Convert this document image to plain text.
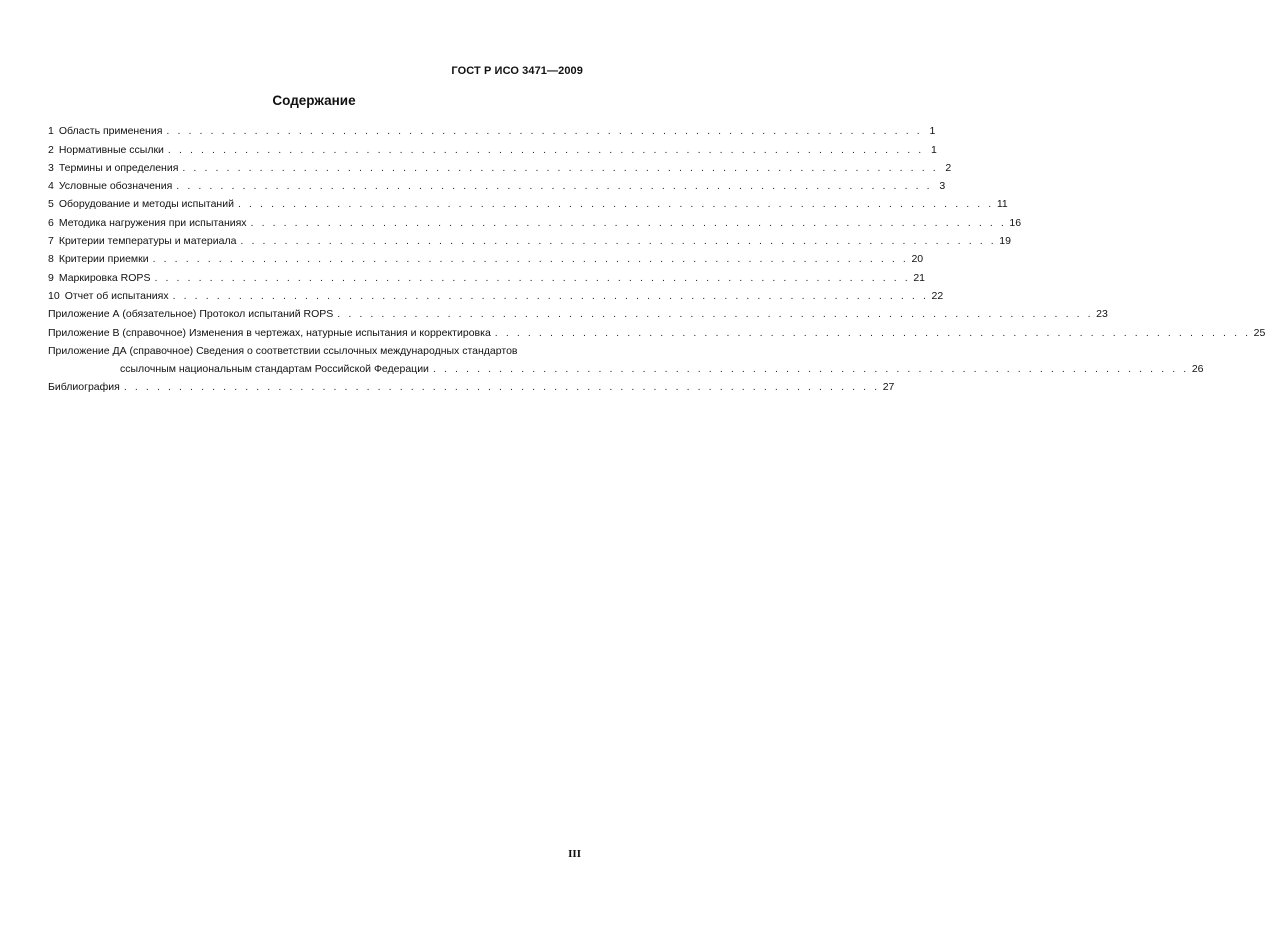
ГОСТ Р ИСО 3471—2009
Содержание
1 Область применения . . . . . . . . . . . . . . . . . . . . . . . . . . . . . . . . . . . . . . . . . . . . . . . . . . . . . . . . . . . . . . . . . . . . . 1
2 Нормативные ссылки . . . . . . . . . . . . . . . . . . . . . . . . . . . . . . . . . . . . . . . . . . . . . . . . . . . . . . . . . . . . . . . . . . . . . 1
3 Термины и определения . . . . . . . . . . . . . . . . . . . . . . . . . . . . . . . . . . . . . . . . . . . . . . . . . . . . . . . . . . . . . . . . . . . . . 2
4 Условные обозначения . . . . . . . . . . . . . . . . . . . . . . . . . . . . . . . . . . . . . . . . . . . . . . . . . . . . . . . . . . . . . . . . . . . . . 3
5 Оборудование и методы испытаний . . . . . . . . . . . . . . . . . . . . . . . . . . . . . . . . . . . . . . . . . . . . . . . . . . . . . . . . . . . . . . . . . . . . . 11
6 Методика нагружения при испытаниях . . . . . . . . . . . . . . . . . . . . . . . . . . . . . . . . . . . . . . . . . . . . . . . . . . . . . . . . . . . . . . . . . . . . . 16
7 Критерии температуры и материала . . . . . . . . . . . . . . . . . . . . . . . . . . . . . . . . . . . . . . . . . . . . . . . . . . . . . . . . . . . . . . . . . . . . . 19
8 Критерии приемки . . . . . . . . . . . . . . . . . . . . . . . . . . . . . . . . . . . . . . . . . . . . . . . . . . . . . . . . . . . . . . . . . . . . . 20
9 Маркировка ROPS . . . . . . . . . . . . . . . . . . . . . . . . . . . . . . . . . . . . . . . . . . . . . . . . . . . . . . . . . . . . . . . . . . . . . 21
10 Отчет об испытаниях . . . . . . . . . . . . . . . . . . . . . . . . . . . . . . . . . . . . . . . . . . . . . . . . . . . . . . . . . . . . . . . . . . . . . 22
Приложение А (обязательное) Протокол испытаний ROPS . . . . . . . . . . . . . . . . . . . . . . . . . . . . . . . . . . . . . . . . . . . . . . . . . . . . . . . . . . . . . . . . . . . . . 23
Приложение В (справочное) Изменения в чертежах, натурные испытания и корректировка . . . . . . . . . . . . . . . . . . . . . . . . . . . . . . . . . . . . . . . . . . . . . . . . . . . . . . . . . . . . . . . . . . . . . 25
Приложение ДА (справочное) Сведения о соответствии ссылочных международных стандартов
ссылочным национальным стандартам Российской Федерации . . . . . . . . . . . . . . . . . . . . . . . . . . . . . . . . . . . . . . . . . . . . . . . . . . . . . . . . . . . . . . . . . . . . . 26
Библиография . . . . . . . . . . . . . . . . . . . . . . . . . . . . . . . . . . . . . . . . . . . . . . . . . . . . . . . . . . . . . . . . . . . . . 27
III
